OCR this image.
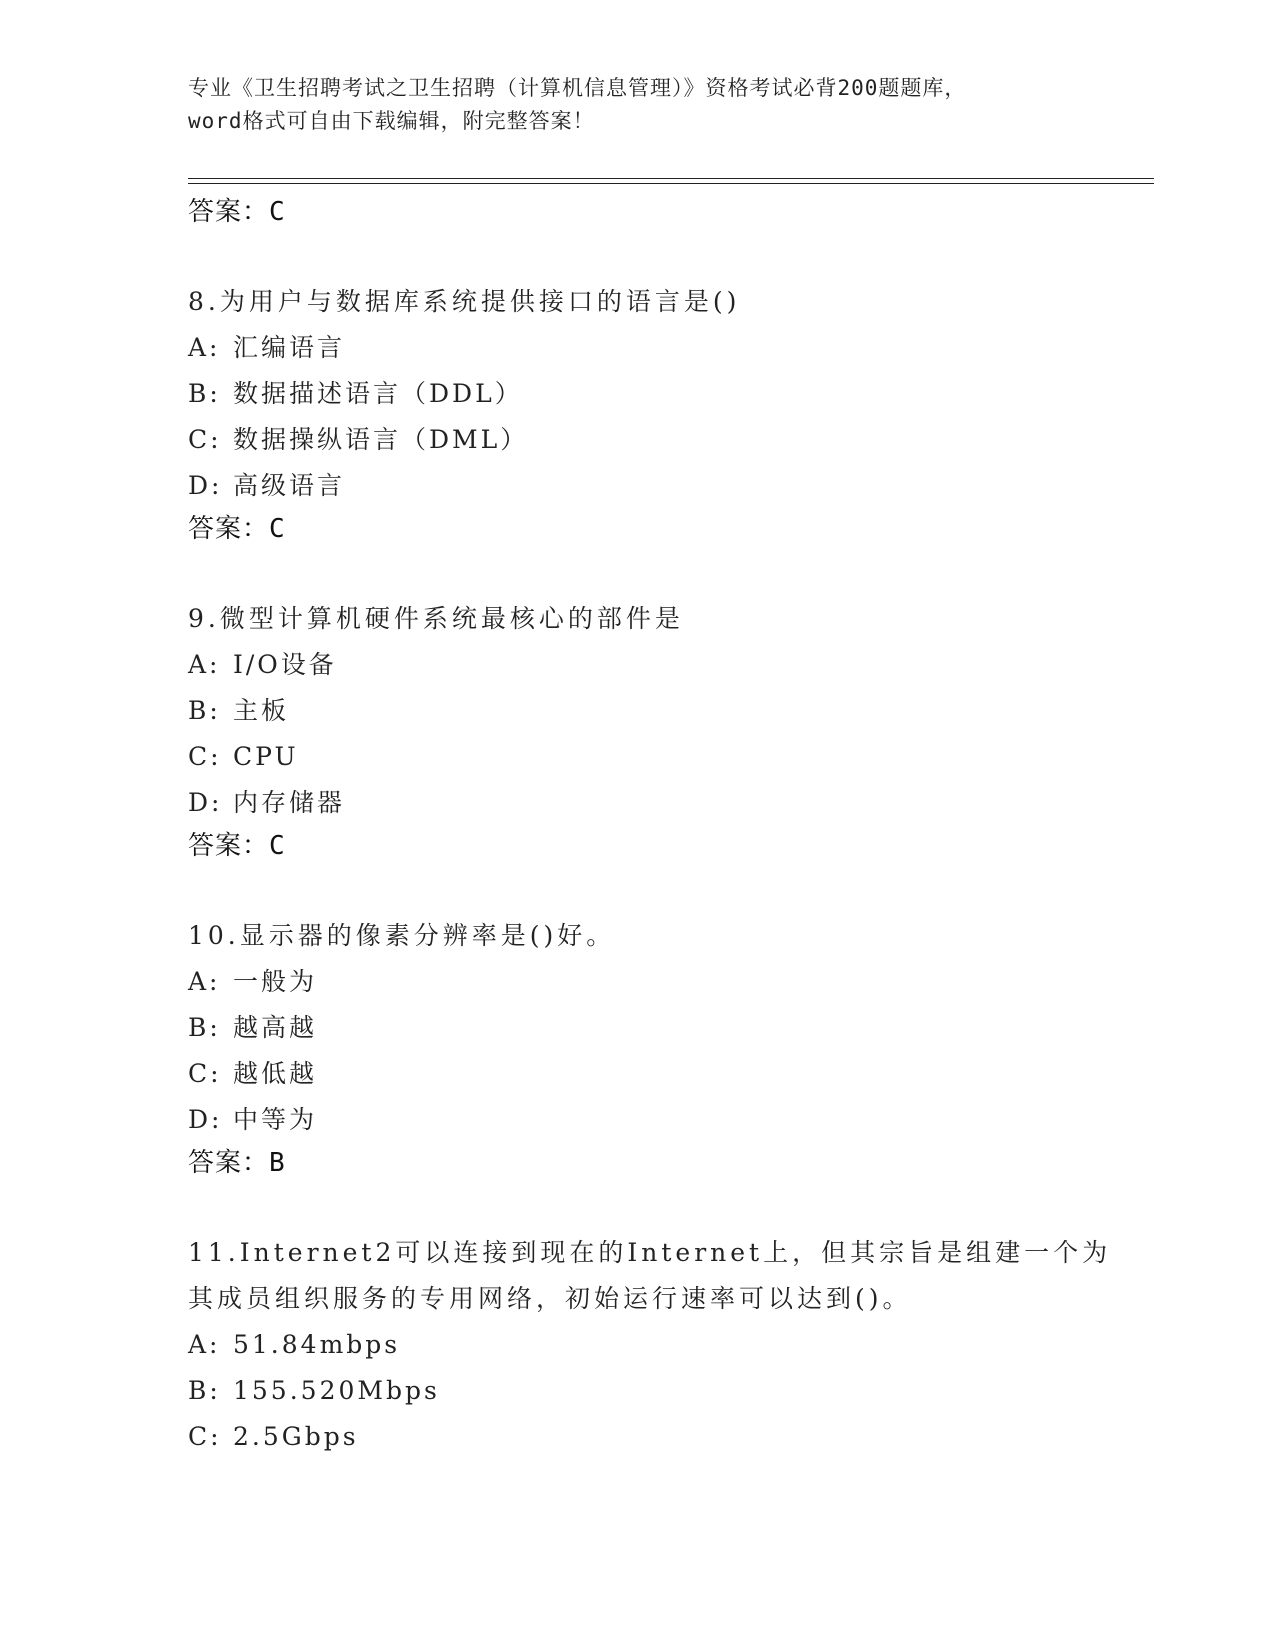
专业《卫生招聘考试之卫生招聘（计算机信息管理）》资格考试必背200题题库，
word格式可自由下载编辑，附完整答案！
答案：C
8.为用户与数据库系统提供接口的语言是()
A: 汇编语言
B: 数据描述语言（DDL）
C: 数据操纵语言（DML）
D: 高级语言
答案：C
9.微型计算机硬件系统最核心的部件是
A: I/O设备
B: 主板
C: CPU
D: 内存储器
答案：C
10.显示器的像素分辨率是()好。
A: 一般为
B: 越高越
C: 越低越
D: 中等为
答案：B
11.Internet2可以连接到现在的Internet上，但其宗旨是组建一个为其成员组织服务的专用网络，初始运行速率可以达到()。
A: 51.84mbps
B: 155.520Mbps
C: 2.5Gbps
